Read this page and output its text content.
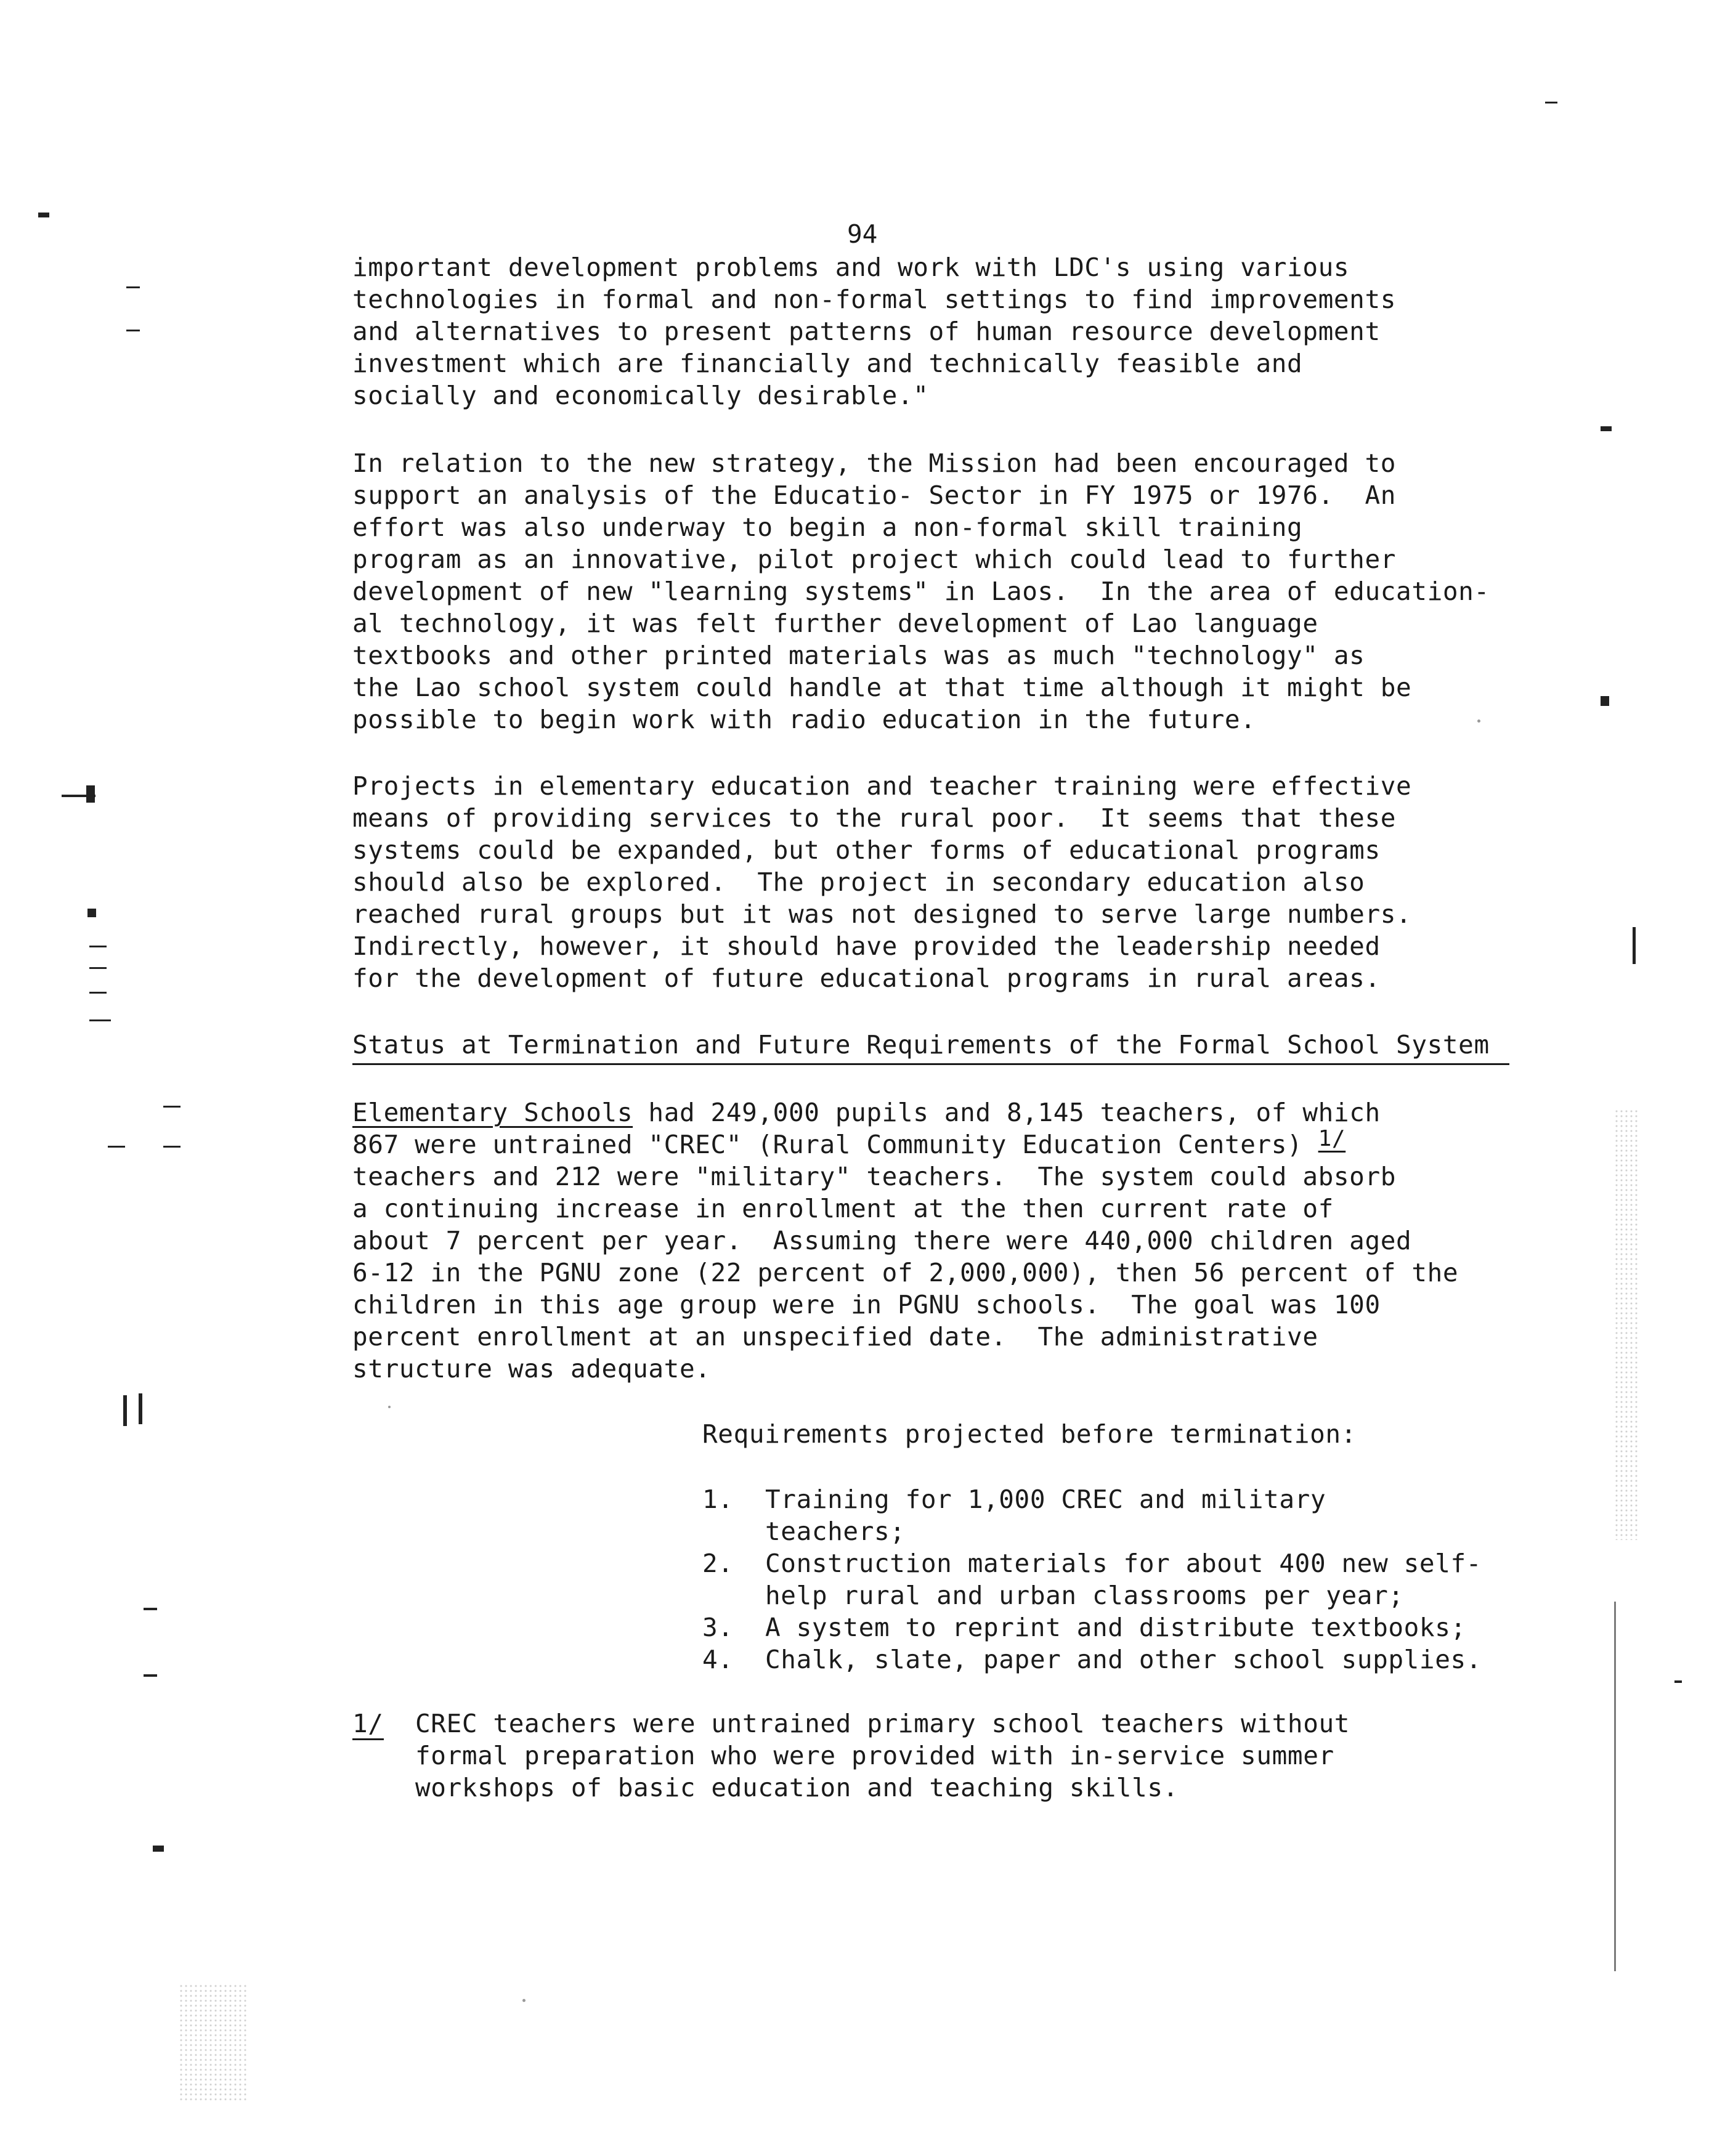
94
important development problems and work with LDC's using various
technologies in formal and non-formal settings to find improvements
and alternatives to present patterns of human resource development
investment which are financially and technically feasible and
socially and economically desirable."
In relation to the new strategy, the Mission had been encouraged to
support an analysis of the Educatio- Sector in FY 1975 or 1976.  An
effort was also underway to begin a non-formal skill training
program as an innovative, pilot project which could lead to further
development of new "learning systems" in Laos.  In the area of education-
al technology, it was felt further development of Lao language
textbooks and other printed materials was as much "technology" as
the Lao school system could handle at that time although it might be
possible to begin work with radio education in the future.
Projects in elementary education and teacher training were effective
means of providing services to the rural poor.  It seems that these
systems could be expanded, but other forms of educational programs
should also be explored.  The project in secondary education also
reached rural groups but it was not designed to serve large numbers.
Indirectly, however, it should have provided the leadership needed
for the development of future educational programs in rural areas.
Status at Termination and Future Requirements of the Formal School System
Elementary Schools had 249,000 pupils and 8,145 teachers, of which
867 were untrained "CREC" (Rural Community Education Centers) 1/
teachers and 212 were "military" teachers.  The system could absorb
a continuing increase in enrollment at the then current rate of
about 7 percent per year.  Assuming there were 440,000 children aged
6-12 in the PGNU zone (22 percent of 2,000,000), then 56 percent of the
children in this age group were in PGNU schools.  The goal was 100
percent enrollment at an unspecified date.  The administrative
structure was adequate.
Requirements projected before termination:
1. Training for 1,000 CREC and military
teachers;
2. Construction materials for about 400 new self-
help rural and urban classrooms per year;
3. A system to reprint and distribute textbooks;
4. Chalk, slate, paper and other school supplies.
1/ CREC teachers were untrained primary school teachers without
formal preparation who were provided with in-service summer
workshops of basic education and teaching skills.
